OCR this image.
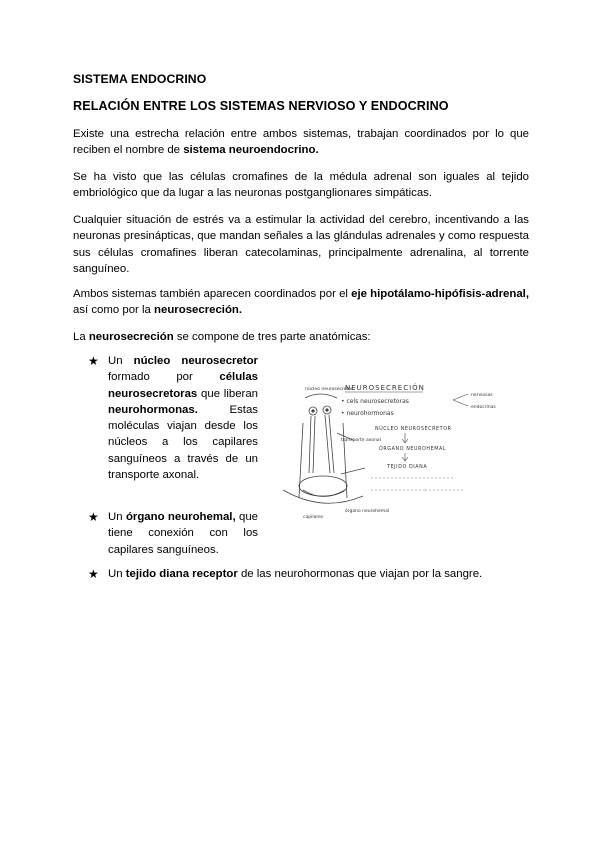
SISTEMA ENDOCRINO
RELACIÓN ENTRE LOS SISTEMAS NERVIOSO Y ENDOCRINO

Existe una estrecha relación entre ambos sistemas, trabajan coordinados por lo que reciben el nombre de sistema neuroendocrino.

Se ha visto que las células cromafines de la médula adrenal son iguales al tejido embriológico que da lugar a las neuronas postganglionares simpáticas.

Cualquier situación de estrés va a estimular la actividad del cerebro, incentivando a las neuronas presinápticas, que mandan señales a las glándulas adrenales y como respuesta sus células cromafines liberan catecolaminas, principalmente adrenalina, al torrente sanguíneo.

Ambos sistemas también aparecen coordinados por el eje hipotálamo-hipófisis-adrenal, así como por la neurosecreción.

La neurosecreción se compone de tres parte anatómicas:

★ Un núcleo neurosecretor formado por células neurosecretoras que liberan neurohormonas. Estas moléculas viajan desde los núcleos a los capilares sanguíneos a través de un transporte axonal.

★ Un órgano neurohemal, que tiene conexión con los capilares sanguíneos.

★ Un tejido diana receptor de las neurohormonas que viajan por la sangre.

núcleo neurosecretor
transporte axonal
capilares
órgano neurohemal
NEUROSECRECIÓN
• cels neurosecretoras
• neurohormonas
nerviosas
endocrinas
NÚCLEO NEUROSECRETOR
ÓRGANO NEUROHEMAL
TEJIDO DIANA
